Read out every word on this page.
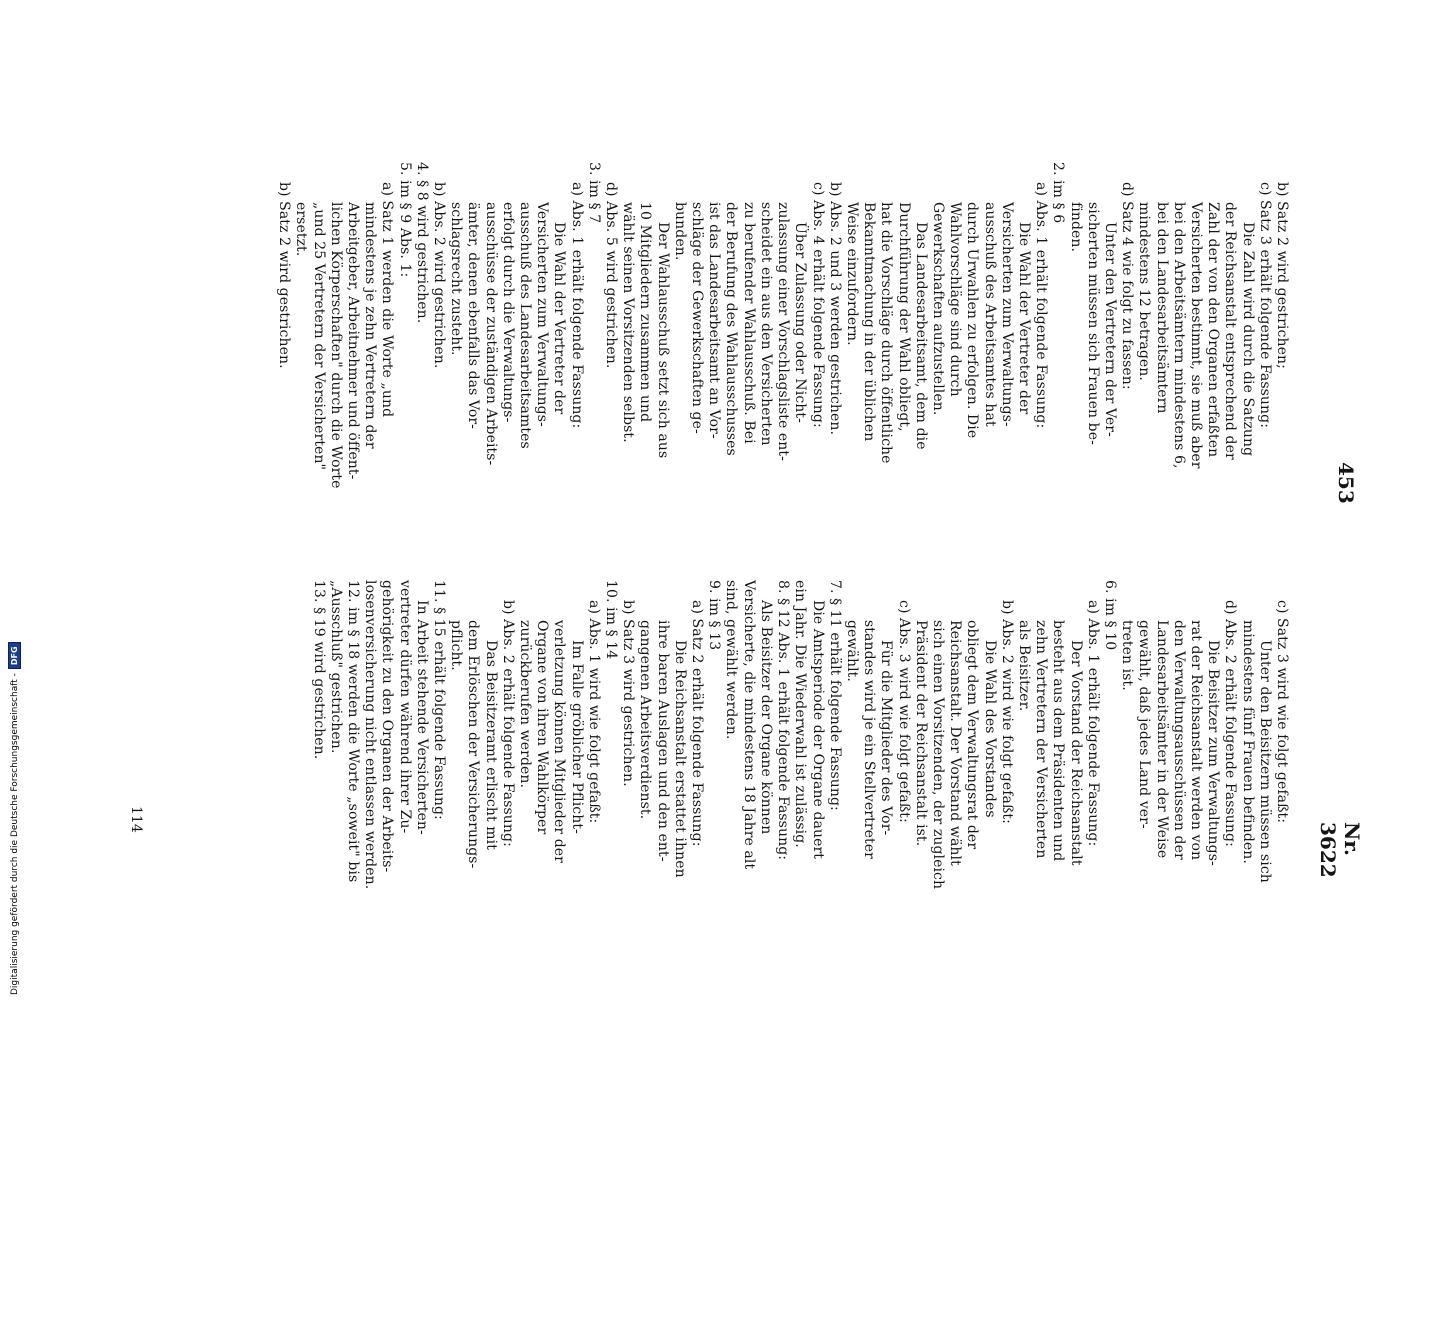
453
Nr. 3622
b) Satz 2 wird gestrichen;
c) Satz 3 erhält folgende Fassung:
Die Zahl wird durch die Satzung
der Reichsanstalt entsprechend der
Zahl der von den Organen erfaßten
Versicherten bestimmt, sie muß aber
bei den Arbeitsämtern mindestens 6,
bei den Landesarbeitsämtern
mindestens 12 betragen.
d) Satz 4 wie folgt zu fassen:
Unter den Vertretern der Ver-
sicherten müssen sich Frauen be-
finden.
2. im § 6
a) Abs. 1 erhält folgende Fassung:
Die Wahl der Vertreter der
Versicherten zum Verwaltungs-
ausschuß des Arbeitsamtes hat
durch Urwahlen zu erfolgen. Die
Wahlvorschläge sind durch
Gewerkschaften aufzustellen.
Das Landesarbeitsamt, dem die
Durchführung der Wahl obliegt,
hat die Vorschläge durch öffentliche
Bekanntmachung in der üblichen
Weise einzufordern.
b) Abs. 2 und 3 werden gestrichen.
c) Abs. 4 erhält folgende Fassung:
Über Zulassung oder Nicht-
zulassung einer Vorschlagsliste ent-
scheidet ein aus den Versicherten
zu berufender Wahlausschuß. Bei
der Berufung des Wahlausschusses
ist das Landesarbeitsamt an Vor-
schläge der Gewerkschaften ge-
bunden.
Der Wahlausschuß setzt sich aus
10 Mitgliedern zusammen und
wählt seinen Vorsitzenden selbst.
d) Abs. 5 wird gestrichen.
3. im § 7
a) Abs. 1 erhält folgende Fassung:
Die Wahl der Vertreter der
Versicherten zum Verwaltungs-
ausschuß des Landesarbeitsamtes
erfolgt durch die Verwaltungs-
ausschüsse der zuständigen Arbeits-
ämter, denen ebenfalls das Vor-
schlagsrecht zusteht.
b) Abs. 2 wird gestrichen.
4. § 8 wird gestrichen.
5. im § 9 Abs. 1:
a) Satz 1 werden die Worte „und
mindestens je zehn Vertretern der
Arbeitgeber, Arbeitnehmer und öffent-
lichen Körperschaften" durch die Worte
„und 25 Vertretern der Versicherten"
ersetzt.
b) Satz 2 wird gestrichen.
c) Satz 3 wird wie folgt gefaßt:
Unter den Beisitzern müssen sich
mindestens fünf Frauen befinden.
d) Abs. 2 erhält folgende Fassung:
Die Beisitzer zum Verwaltungs-
rat der Reichsanstalt werden von
den Verwaltungsausschüssen der
Landesarbeitsämter in der Weise
gewählt, daß jedes Land ver-
treten ist.
6. im § 10
a) Abs. 1 erhält folgende Fassung:
Der Vorstand der Reichsanstalt
besteht aus dem Präsidenten und
zehn Vertretern der Versicherten
als Beisitzer.
b) Abs. 2 wird wie folgt gefaßt:
Die Wahl des Vorstandes
obliegt dem Verwaltungsrat der
Reichsanstalt. Der Vorstand wählt
sich einen Vorsitzenden, der zugleich
Präsident der Reichsanstalt ist.
c) Abs. 3 wird wie folgt gefaßt:
Für die Mitglieder des Vor-
standes wird je ein Stellvertreter
gewählt.
7. § 11 erhält folgende Fassung:
Die Amtsperiode der Organe dauert
ein Jahr. Die Wiederwahl ist zulässig.
8. § 12 Abs. 1 erhält folgende Fassung:
Als Beisitzer der Organe können
Versicherte, die mindestens 18 Jahre alt
sind, gewählt werden.
9. im § 13
a) Satz 2 erhält folgende Fassung:
Die Reichsanstalt erstattet ihnen
ihre baren Auslagen und den ent-
gangenen Arbeitsverdienst.
b) Satz 3 wird gestrichen.
10. im § 14
a) Abs. 1 wird wie folgt gefaßt:
Im Falle gröblicher Pflicht-
verletzung können Mitglieder der
Organe von ihren Wahlkörper
zurückberufen werden.
b) Abs. 2 erhält folgende Fassung:
Das Beisitzeramt erlischt mit
dem Erlöschen der Versicherungs-
pflicht.
11. § 15 erhält folgende Fassung:
In Arbeit stehende Versicherten-
vertreter dürfen während ihrer Zu-
gehörigkeit zu den Organen der Arbeits-
losenversicherung nicht entlassen werden.
12. im § 18 werden die Worte „soweit" bis
„Ausschluß" gestrichen.
13. § 19 wird gestrichen.
114
Digitalisierung gefördert durch die Deutsche Forschungsgemeinschaft -
DFG
